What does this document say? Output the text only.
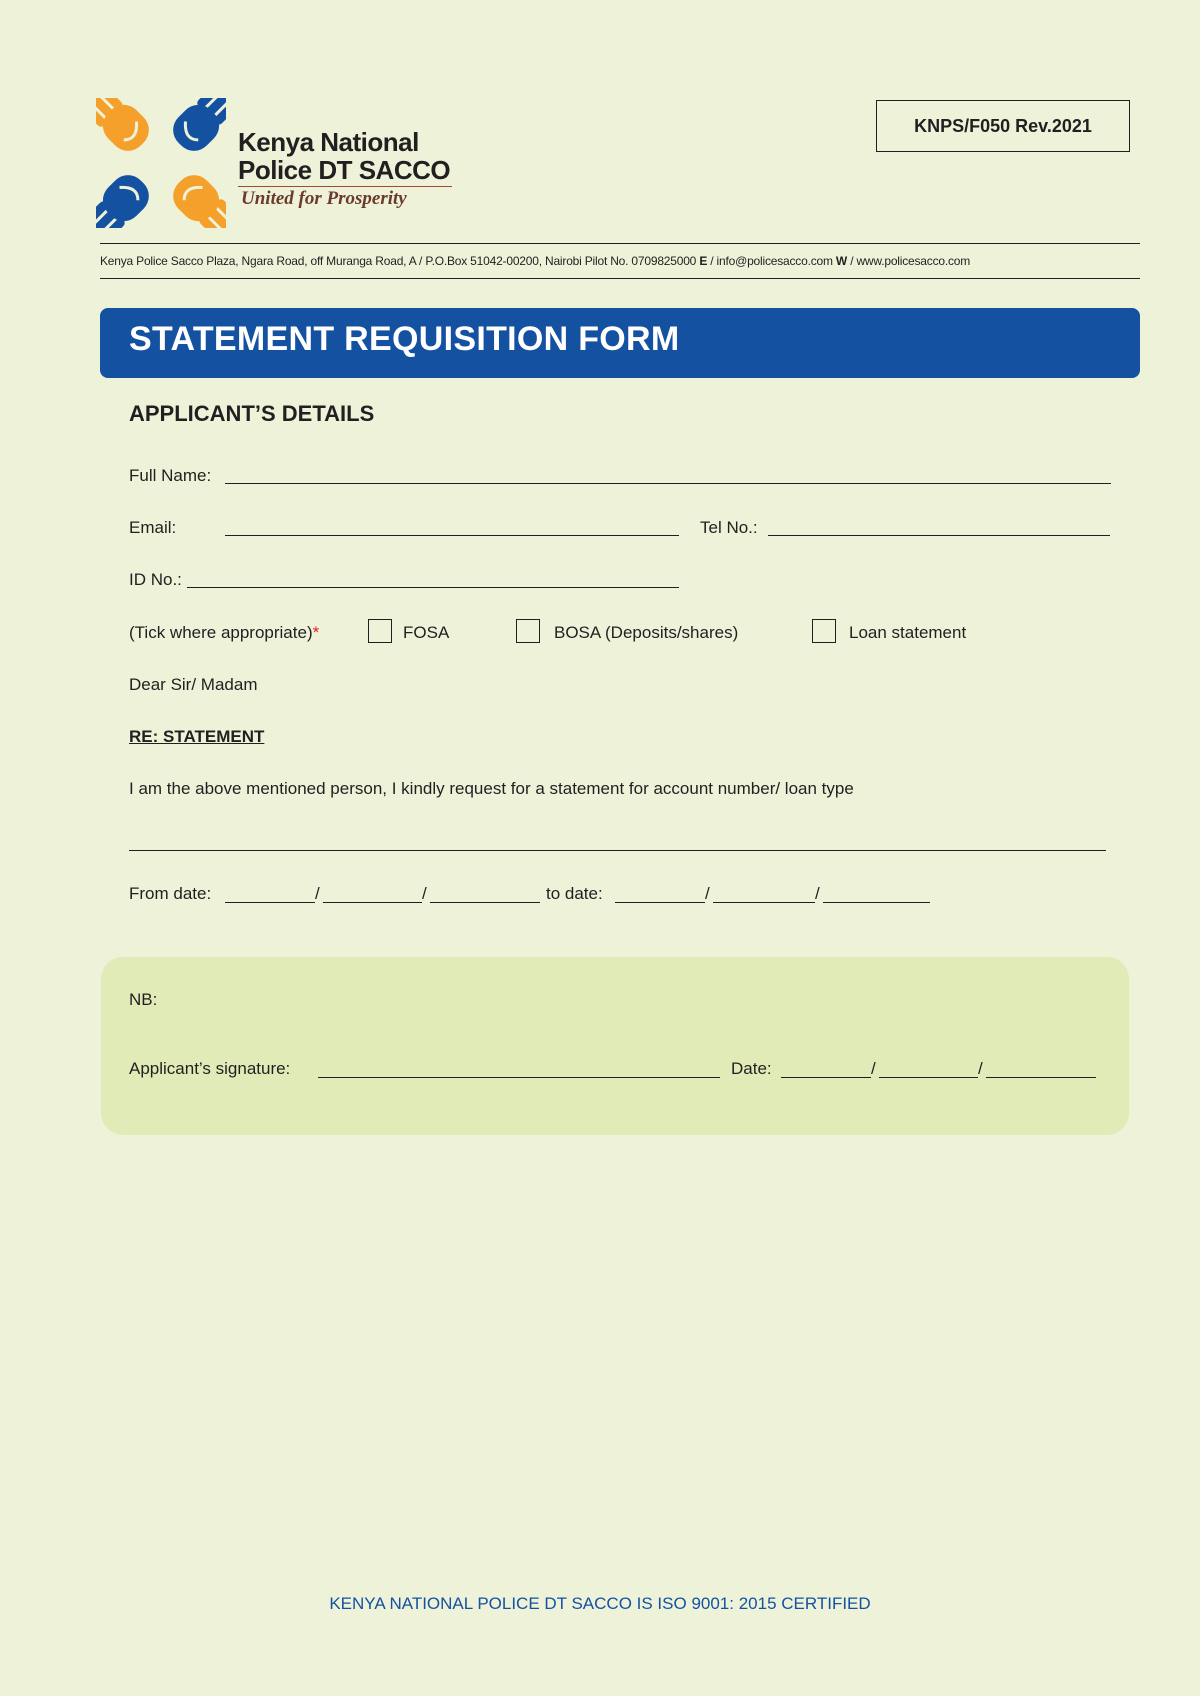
Kenya National
Police DT SACCO
United for Prosperity
KNPS/F050 Rev.2021
Kenya Police Sacco Plaza, Ngara Road, off Muranga Road, A / P.O.Box 51042-00200, Nairobi Pilot No. 0709825000 E / info@policesacco.com W / www.policesacco.com
STATEMENT REQUISITION FORM
APPLICANT’S DETAILS
Full Name:
Email:	Tel No.:
ID No.:
(Tick where appropriate)*	FOSA	BOSA (Deposits/shares)	Loan statement
Dear Sir/ Madam
RE: STATEMENT
I am the above mentioned person, I kindly request for a statement for account number/ loan type
From date:	/	/	to date:	/	/
NB:
Applicant’s signature:	Date:	/	/
KENYA NATIONAL POLICE DT SACCO IS ISO 9001: 2015 CERTIFIED
